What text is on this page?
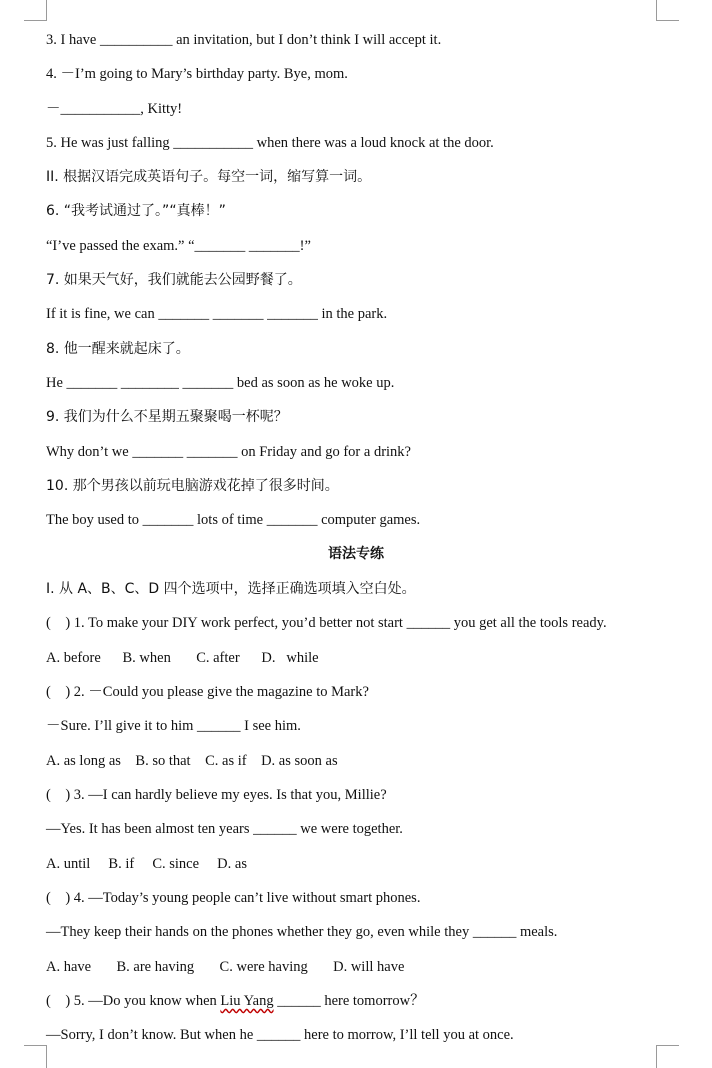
3. I have __________ an invitation, but I don’t think I will accept it.
4. －I’m going to Mary’s birthday party. Bye, mom.
－___________, Kitty!
5. He was just falling ___________ when there was a loud knock at the door.
II. 根据汉语完成英语句子。每空一词，缩写算一词。
6. “我考试通过了。”“真棒！”
“I’ve passed the exam.” “_______ _______!”
7. 如果天气好，我们就能去公园野餐了。
If it is fine, we can _______ _______ _______ in the park.
8. 他一醒来就起床了。
He _______ ________ _______ bed as soon as he woke up.
9. 我们为什么不星期五聚聚喝一杯呢？
Why don’t we _______ _______ on Friday and go for a drink?
10. 那个男孩以前玩电脑游戏花掉了很多时间。
The boy used to _______ lots of time _______ computer games.
语法专练
I. 从 A、B、C、D 四个选项中，选择正确选项填入空白处。
(    ) 1. To make your DIY work perfect, you’d better not start ______ you get all the tools ready.
A. before      B. when       C. after      D.   while
(    ) 2. －Could you please give the magazine to Mark?
－Sure. I’ll give it to him ______ I see him.
A. as long as    B. so that    C. as if    D. as soon as
(    ) 3. —I can hardly believe my eyes. Is that you, Millie?
—Yes. It has been almost ten years ______ we were together.
A. until     B. if     C. since     D. as
(    ) 4. —Today’s young people can’t live without smart phones.
—They keep their hands on the phones whether they go, even while they ______ meals.
A. have       B. are having       C. were having       D. will have
(    ) 5. —Do you know when Liu Yang ______ here tomorrow？
—Sorry, I don’t know. But when he ______ here to morrow, I’ll tell you at once.
